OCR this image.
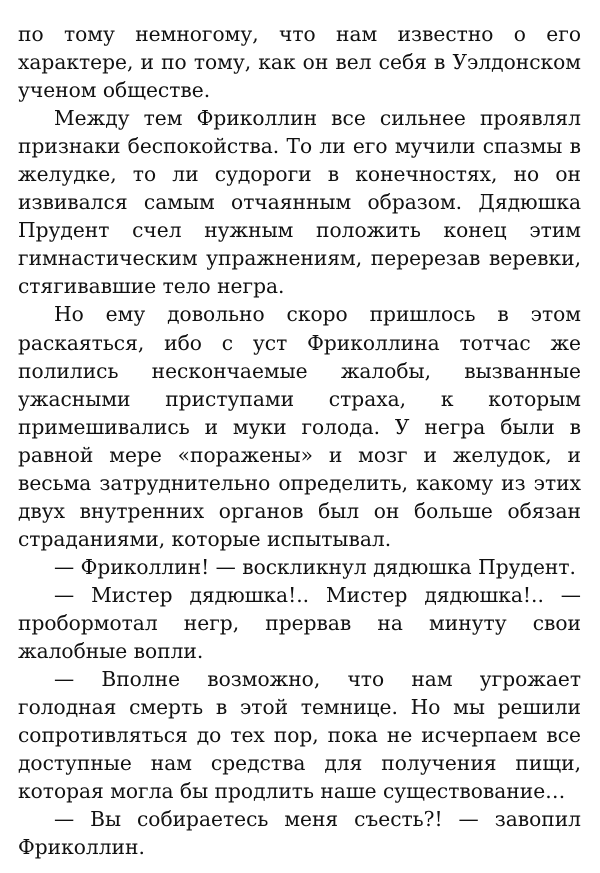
по тому немногому, что нам известно о его характере, и по тому, как он вел себя в Уэлдонском ученом обществе.

Между тем Фриколлин все сильнее проявлял признаки беспокойства. То ли его мучили спазмы в желудке, то ли судороги в конечностях, но он извивался самым отчаянным образом. Дядюшка Прудент счел нужным положить конец этим гимнастическим упражнениям, перерезав веревки, стягивавшие тело негра.

Но ему довольно скоро пришлось в этом раскаяться, ибо с уст Фриколлина тотчас же полились нескончаемые жалобы, вызванные ужасными приступами страха, к которым примешивались и муки голода. У негра были в равной мере «поражены» и мозг и желудок, и весьма затруднительно определить, какому из этих двух внутренних органов был он больше обязан страданиями, которые испытывал.

— Фриколлин! — воскликнул дядюшка Прудент.

— Мистер дядюшка!.. Мистер дядюшка!.. — пробормотал негр, прервав на минуту свои жалобные вопли.

— Вполне возможно, что нам угрожает голодная смерть в этой темнице. Но мы решили сопротивляться до тех пор, пока не исчерпаем все доступные нам средства для получения пищи, которая могла бы продлить наше существование…

— Вы собираетесь меня съесть?! — завопил Фриколлин.
